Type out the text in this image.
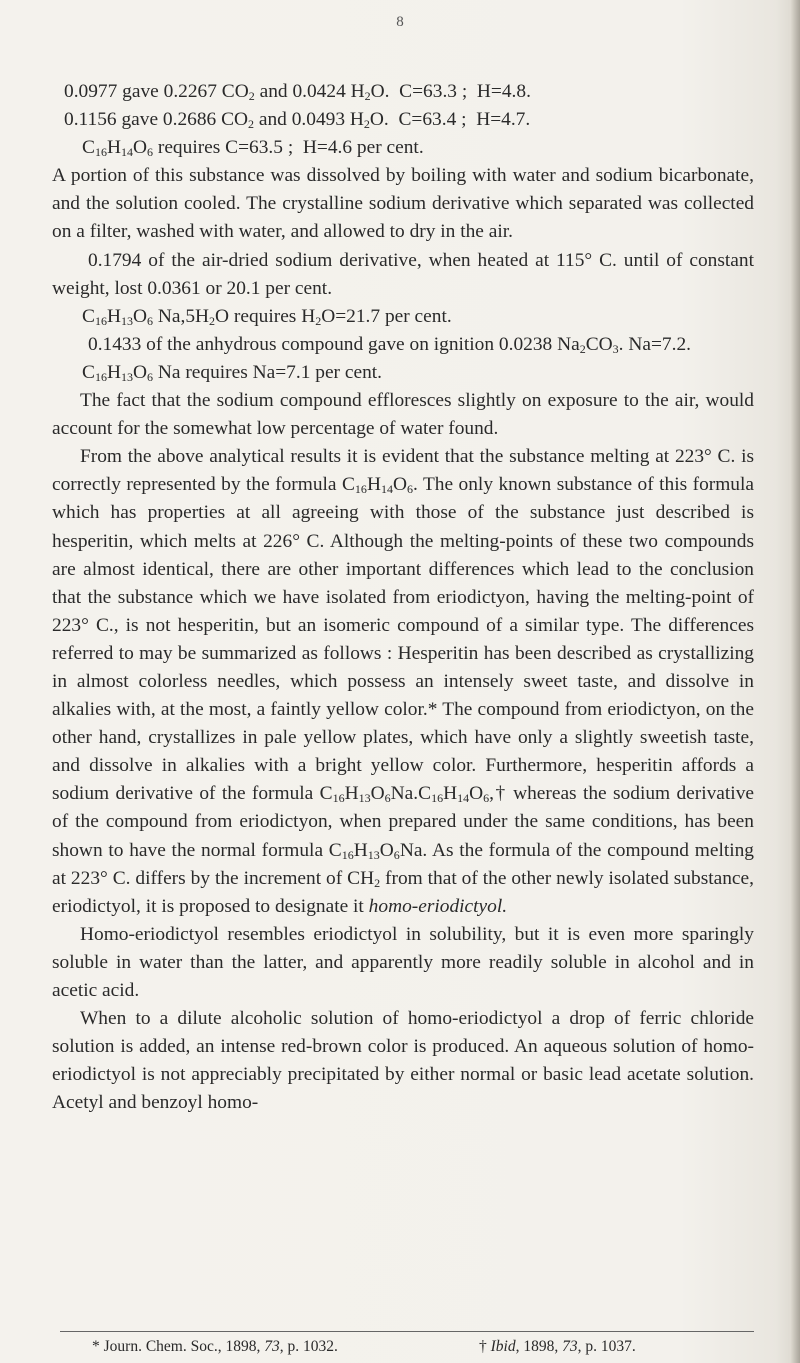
8

0.0977 gave 0.2267 $CO_2$ and 0.0424 $H_2O$.  C=63.3 ;  H=4.8.

0.1156 gave 0.2686 $CO_2$ and 0.0493 $H_2O$.  C=63.4 ;  H=4.7.

$C_{16}H_{14}O_6$ requires C=63.5 ;  H=4.6 per cent.

A portion of this substance was dissolved by boiling with water and sodium bicarbonate, and the solution cooled. The crystalline sodium derivative which separated was collected on a filter, washed with water, and allowed to dry in the air.

0.1794 of the air-dried sodium derivative, when heated at 115° C. until of constant weight, lost 0.0361 or 20.1 per cent.

$C_{16}H_{13}O_6$ $Na,5H_2O$ requires $H_2O=21.7$ per cent.

0.1433 of the anhydrous compound gave on ignition 0.0238 $Na_2CO_3$. Na=7.2.

$C_{16}H_{13}O_6$ Na requires Na=7.1 per cent.

The fact that the sodium compound effloresces slightly on exposure to the air, would account for the somewhat low percentage of water found.

From the above analytical results it is evident that the substance melting at 223° C. is correctly represented by the formula $C_{16}H_{14}O_6$. The only known substance of this formula which has properties at all agreeing with those of the substance just described is hesperitin, which melts at 226° C. Although the melting-points of these two compounds are almost identical, there are other important differences which lead to the conclusion that the substance which we have isolated from eriodictyon, having the melting-point of 223° C., is not hesperitin, but an isomeric compound of a similar type. The differences referred to may be summarized as follows : Hesperitin has been described as crystallizing in almost colorless needles, which possess an intensely sweet taste, and dissolve in alkalies with, at the most, a faintly yellow color.* The compound from eriodictyon, on the other hand, crystallizes in pale yellow plates, which have only a slightly sweetish taste, and dissolve in alkalies with a bright yellow color. Furthermore, hesperitin affords a sodium derivative of the formula $C_{16}H_{13}O_6Na.C_{16}H_{14}O_6,\dagger$ whereas the sodium derivative of the compound from eriodictyon, when prepared under the same conditions, has been shown to have the normal formula $C_{16}H_{13}O_6Na$. As the formula of the compound melting at 223° C. differs by the increment of $CH_2$ from that of the other newly isolated substance, eriodictyol, it is proposed to designate it homo-eriodictyol.

Homo-eriodictyol resembles eriodictyol in solubility, but it is even more sparingly soluble in water than the latter, and apparently more readily soluble in alcohol and in acetic acid.

When to a dilute alcoholic solution of homo-eriodictyol a drop of ferric chloride solution is added, an intense red-brown color is produced. An aqueous solution of homo-eriodictyol is not appreciably precipitated by either normal or basic lead acetate solution. Acetyl and benzoyl homo-

* Journ. Chem. Soc., 1898, 73, p. 1032.	† Ibid, 1898, 73, p. 1037.
